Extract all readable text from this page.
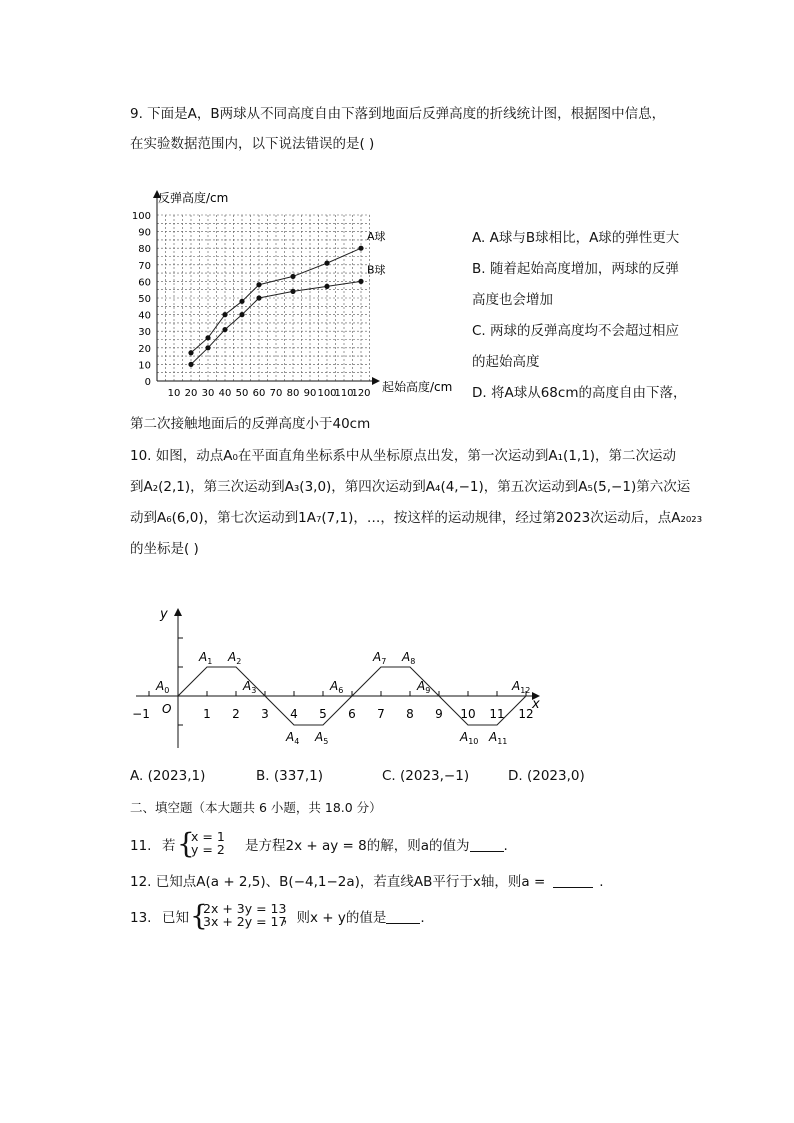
9. 下面是A，B两球从不同高度自由下落到地面后反弹高度的折线统计图，根据图中信息，
在实验数据范围内，以下说法错误的是( )
0
10
20
30
40
50
60
70
80
90
100
10 20 30 40 50 60 70 80 90 100
110
120
A球
B球
反弹高度/cm
起始高度/cm
A. A球与B球相比，A球的弹性更大
B. 随着起始高度增加，两球的反弹
高度也会增加
C. 两球的反弹高度均不会超过相应
的起始高度
D. 将A球从68cm的高度自由下落，
第二次接触地面后的反弹高度小于40cm
10. 如图，动点A₀在平面直角坐标系中从坐标原点出发，第一次运动到A₁(1,1)，第二次运动
到A₂(2,1)，第三次运动到A₃(3,0)，第四次运动到A₄(4,−1)，第五次运动到A₅(5,−1)第六次运
动到A₆(6,0)，第七次运动到1A₇(7,1)，…，按这样的运动规律，经过第2023次运动后，点A₂₀₂₃
的坐标是( )
−1	1 2 3 4 5 6 7 8 9 10 11 12
$A_0$
$A_1$ $A_2$
$A_3$
$A_4$ $A_5$
$A_6$
$A_7$ $A_8$
$A_9$
$A_{10}$ $A_{11}$
$A_{12}$
y
x
O
A. (2023,1)	B. (337,1)	C. (2023,−1)	D. (2023,0)
二、填空题（本大题共 6 小题，共 18.0 分）
11. 若 {
x = 1
y = 2 是方程2x + ay = 8的解，则a的值为	.
12. 已知点A(a + 2,5)、B(−4,1−2a)，若直线AB平行于x轴，则a =	.
13. 已知 {
2x + 3y = 13
3x + 2y = 17
，则x + y的值是	.
